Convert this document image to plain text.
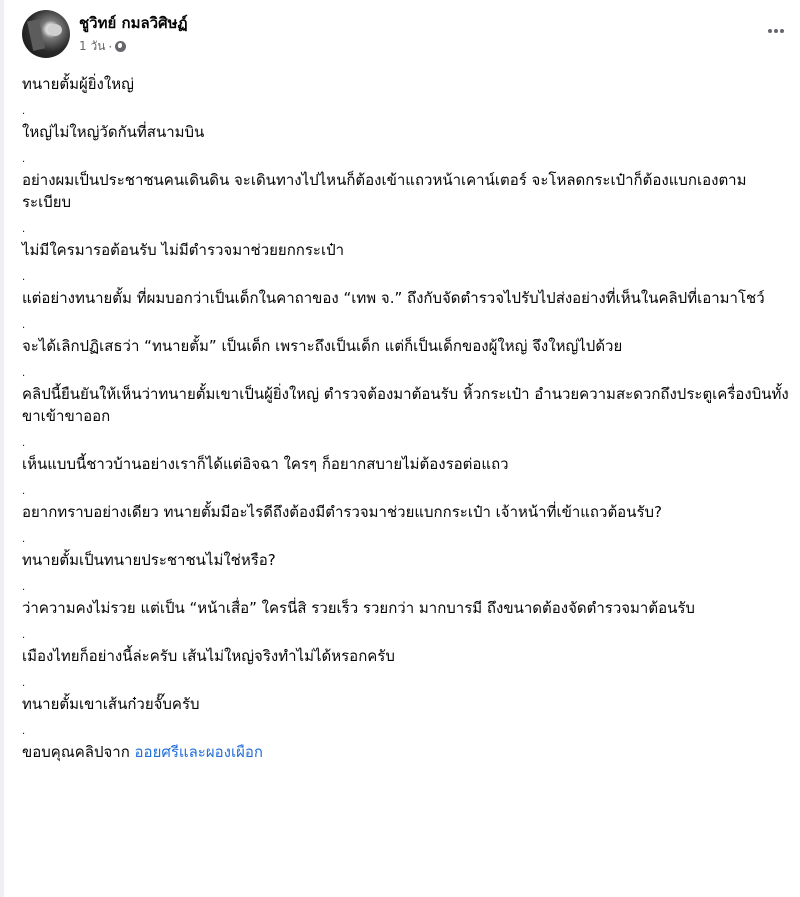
ชูวิทย์ กมลวิศิษฏ์
1 วัน ·
ทนายตั้มผู้ยิ่งใหญ่
.
ใหญ่ไม่ใหญ่วัดกันที่สนามบิน
.
อย่างผมเป็นประชาชนคนเดินดิน จะเดินทางไปไหนก็ต้องเข้าแถวหน้าเคาน์เตอร์ จะโหลดกระเป๋าก็ต้องแบกเองตามระเบียบ
.
ไม่มีใครมารอต้อนรับ ไม่มีตำรวจมาช่วยยกกระเป๋า
.
แต่อย่างทนายตั้ม ที่ผมบอกว่าเป็นเด็กในคาถาของ “เทพ จ.” ถึงกับจัดตำรวจไปรับไปส่งอย่างที่เห็นในคลิปที่เอามาโชว์
.
จะได้เลิกปฏิเสธว่า “ทนายตั้ม” เป็นเด็ก เพราะถึงเป็นเด็ก แต่ก็เป็นเด็กของผู้ใหญ่ จึงใหญ่ไปด้วย
.
คลิปนี้ยืนยันให้เห็นว่าทนายตั้มเขาเป็นผู้ยิ่งใหญ่ ตำรวจต้องมาต้อนรับ หิ้วกระเป๋า อำนวยความสะดวกถึงประตูเครื่องบินทั้งขาเข้าขาออก
.
เห็นแบบนี้ชาวบ้านอย่างเราก็ได้แต่อิจฉา ใครๆ ก็อยากสบายไม่ต้องรอต่อแถว
.
อยากทราบอย่างเดียว ทนายตั้มมีอะไรดีถึงต้องมีตำรวจมาช่วยแบกกระเป๋า เจ้าหน้าที่เข้าแถวต้อนรับ?
.
ทนายตั้มเป็นทนายประชาชนไม่ใช่หรือ?
.
ว่าความคงไม่รวย แต่เป็น “หน้าเสื่อ” ใครนี่สิ รวยเร็ว รวยกว่า มากบารมี ถึงขนาดต้องจัดตำรวจมาต้อนรับ
.
เมืองไทยก็อย่างนี้ล่ะครับ เส้นไม่ใหญ่จริงทำไม่ได้หรอกครับ
.
ทนายตั้มเขาเส้นก๋วยจั๊บครับ
.
ขอบคุณคลิปจาก ออยศรีและผองเผือก
